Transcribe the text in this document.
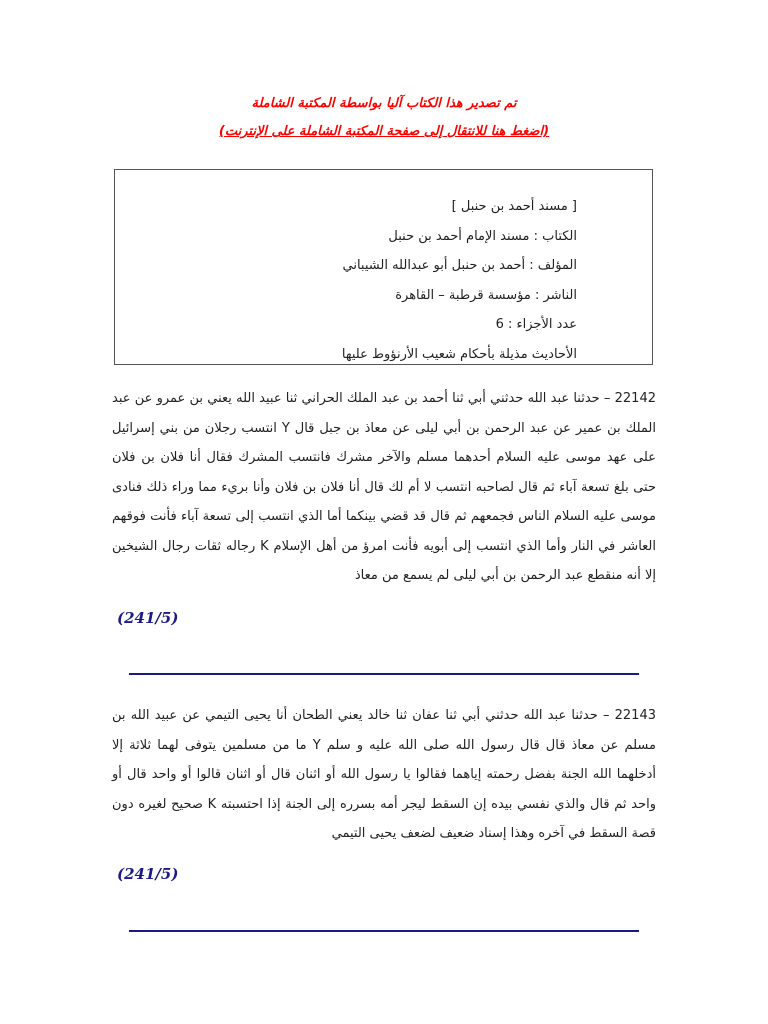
تم تصدير هذا الكتاب آليا بواسطة المكتبة الشاملة
(اضغط هنا للانتقال إلى صفحة المكتبة الشاملة على الإنترنت)
[ مسند أحمد بن حنبل ]
الكتاب : مسند الإمام أحمد بن حنبل
المؤلف : أحمد بن حنبل أبو عبدالله الشيباني
الناشر : مؤسسة قرطبة – القاهرة
عدد الأجزاء : 6
الأحاديث مذيلة بأحكام شعيب الأرنؤوط عليها
22142 – حدثنا عبد الله حدثني أبي ثنا أحمد بن عبد الملك الحراني ثنا عبيد الله يعني بن عمرو عن عبد الملك بن عمير عن عبد الرحمن بن أبي ليلى عن معاذ بن جبل قال Y انتسب رجلان من بني إسرائيل على عهد موسى عليه السلام أحدهما مسلم والآخر مشرك فانتسب المشرك فقال أنا فلان بن فلان حتى بلغ تسعة آباء ثم قال لصاحبه انتسب لا أم لك قال أنا فلان بن فلان وأنا بريء مما وراء ذلك فنادى موسى عليه السلام الناس فجمعهم ثم قال قد قضي بينكما أما الذي انتسب إلى تسعة آباء فأنت فوقهم العاشر في النار وأما الذي انتسب إلى أبويه فأنت امرؤ من أهل الإسلام K رجاله ثقات رجال الشيخين إلا أنه منقطع عبد الرحمن بن أبي ليلى لم يسمع من معاذ
(241/5)
22143 – حدثنا عبد الله حدثني أبي ثنا عفان ثنا خالد يعني الطحان أنا يحيى التيمي عن عبيد الله بن مسلم عن معاذ قال قال رسول الله صلى الله عليه و سلم Y ما من مسلمين يتوفى لهما ثلاثة إلا أدخلهما الله الجنة بفضل رحمته إياهما فقالوا يا رسول الله أو اثنان قال أو اثنان قالوا أو واحد قال أو واحد ثم قال والذي نفسي بيده إن السقط ليجر أمه بسرره إلى الجنة إذا احتسبته K صحيح لغيره دون قصة السقط في آخره وهذا إسناد ضعيف لضعف يحيى التيمي
(241/5)
